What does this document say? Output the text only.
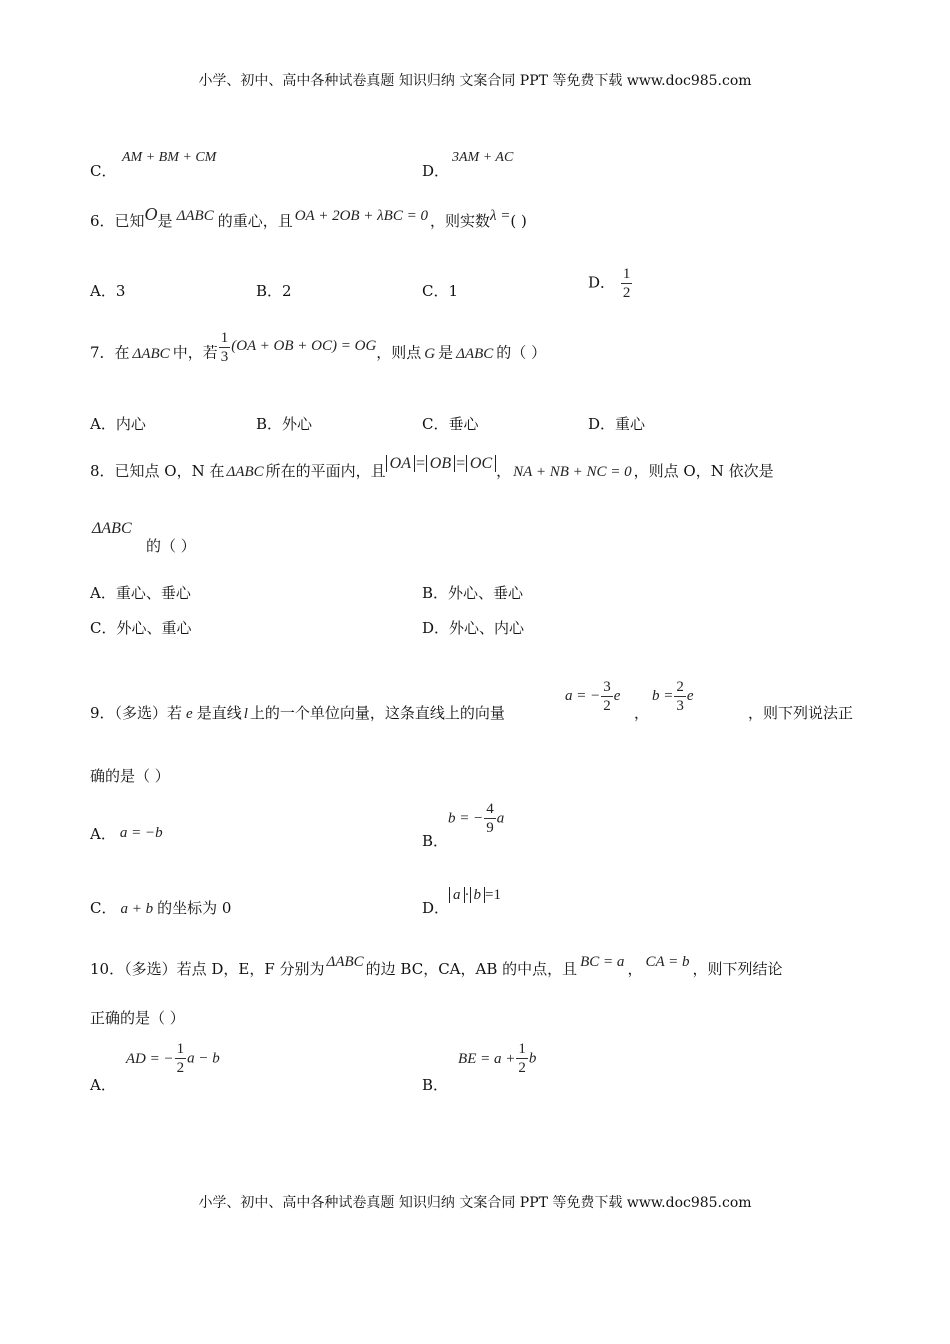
小学、初中、高中各种试卷真题 知识归纳 文案合同 PPT 等免费下载 www.doc985.com
C．
AM + BM + CM
D．
3AM + AC
6．已知O是 ΔABC 的重心，且 OA + 2OB + λBC = 0 ，则实数λ =( )
A．3	B．2	C．1	D． $\frac{1}{2}$
7．在 ΔABC 中，若 $\frac{1}{3} (OA$ + OB + OC) = OG，则点 G 是 ΔABC 的（ ）
A．内心	B．外心	C．垂心	D．重心
8．已知点 O，N 在 ΔABC 所在的平面内，且 OA = OB = OC ， NA + NB + NC = 0 ，则点 O，N 依次是
ΔABC
的（ ）
A．重心、垂心	B．外心、垂心
C．外心、重心	D．外心、内心
9．（多选）若 e 是直线 l 上的一个单位向量，这条直线上的向量
a = − $\frac{3}{2}$ e
，
$b = \frac{2}{3}$ e
，则下列说法正
确的是（ ）
A． a = −b	B．b = − $\frac{4}{9}$ a
C． a + b 的坐标为 0	D．a · b =1
10．（多选）若点 D，E，F 分别为 ΔABC 的边 BC，CA，AB 的中点，且 BC = a ， CA = b ，则下列结论
正确的是（ ）
A．AD = − $\frac{1}{2}$ a − b
B．BE = $a + \frac{1}{2}$ b
小学、初中、高中各种试卷真题 知识归纳 文案合同 PPT 等免费下载 www.doc985.com
